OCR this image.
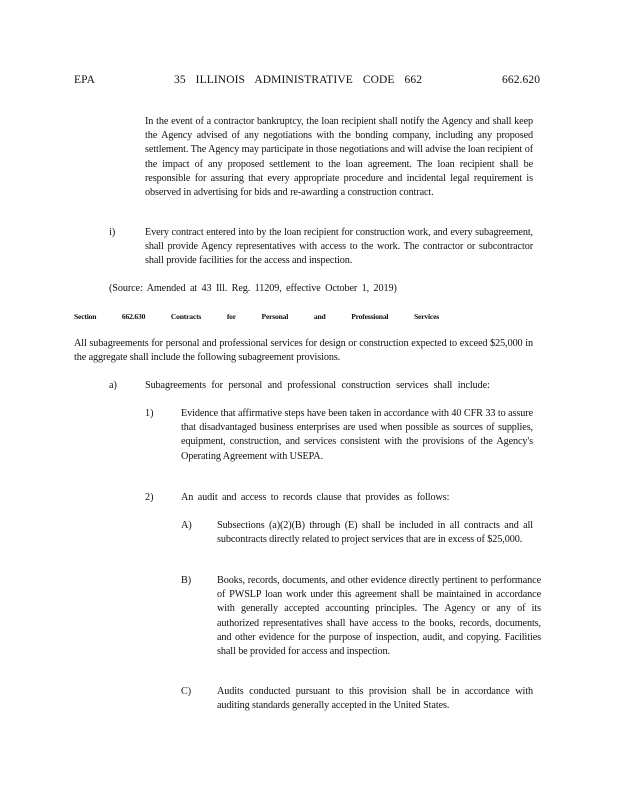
EPA	35 ILLINOIS ADMINISTRATIVE CODE 662	662.620
In the event of a contractor bankruptcy, the loan recipient shall notify the Agency and shall keep the Agency advised of any negotiations with the bonding company, including any proposed settlement. The Agency may participate in those negotiations and will advise the loan recipient of the impact of any proposed settlement to the loan agreement. The loan recipient shall be responsible for assuring that every appropriate procedure and incidental legal requirement is observed in advertising for bids and re-awarding a construction contract.
i)	Every contract entered into by the loan recipient for construction work, and every subagreement, shall provide Agency representatives with access to the work. The contractor or subcontractor shall provide facilities for the access and inspection.
(Source: Amended at 43 Ill. Reg. 11209, effective October 1, 2019)
Section 662.630 Contracts for Personal and Professional Services
All subagreements for personal and professional services for design or construction expected to exceed $25,000 in the aggregate shall include the following subagreement provisions.
a)	Subagreements for personal and professional construction services shall include:
1)	Evidence that affirmative steps have been taken in accordance with 40 CFR 33 to assure that disadvantaged business enterprises are used when possible as sources of supplies, equipment, construction, and services consistent with the provisions of the Agency's Operating Agreement with USEPA.
2)	An audit and access to records clause that provides as follows:
A) Subsections (a)(2)(B) through (E) shall be included in all contracts and all subcontracts directly related to project services that are in excess of $25,000.
B)	Books, records, documents, and other evidence directly pertinent to performance of PWSLP loan work under this agreement shall be maintained in accordance with generally accepted accounting principles. The Agency or any of its authorized representatives shall have access to the books, records, documents, and other evidence for the purpose of inspection, audit, and copying. Facilities shall be provided for access and inspection.
C)	Audits conducted pursuant to this provision shall be in accordance with auditing standards generally accepted in the United States.
